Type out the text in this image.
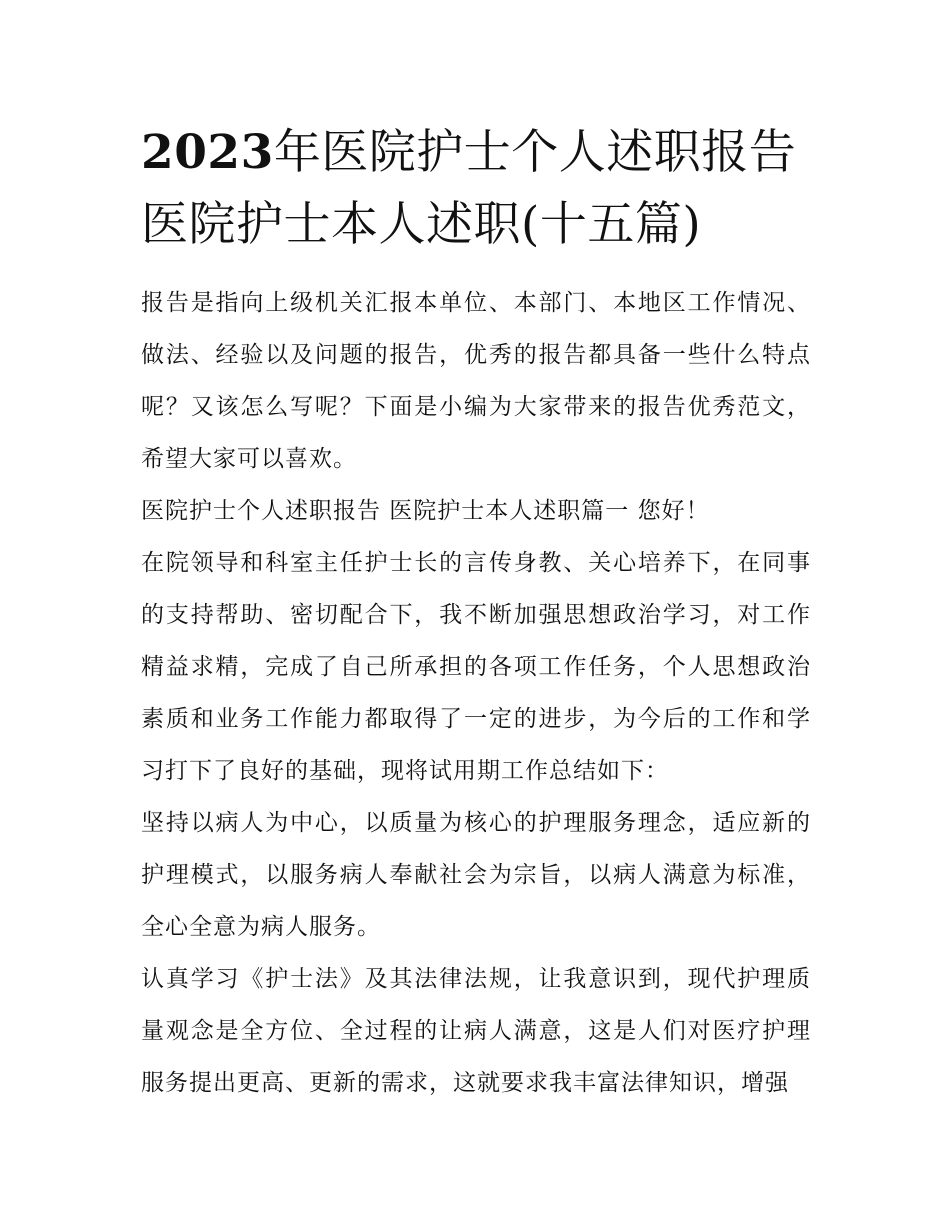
2023年医院护士个人述职报告医院护士本人述职(十五篇)

报告是指向上级机关汇报本单位、本部门、本地区工作情况、做法、经验以及问题的报告，优秀的报告都具备一些什么特点呢？又该怎么写呢？下面是小编为大家带来的报告优秀范文，希望大家可以喜欢。

医院护士个人述职报告 医院护士本人述职篇一 您好！

在院领导和科室主任护士长的言传身教、关心培养下，在同事的支持帮助、密切配合下，我不断加强思想政治学习，对工作精益求精，完成了自己所承担的各项工作任务，个人思想政治素质和业务工作能力都取得了一定的进步，为今后的工作和学习打下了良好的基础，现将试用期工作总结如下：

坚持以病人为中心，以质量为核心的护理服务理念，适应新的护理模式，以服务病人奉献社会为宗旨，以病人满意为标准，全心全意为病人服务。

认真学习《护士法》及其法律法规，让我意识到，现代护理质量观念是全方位、全过程的让病人满意，这是人们对医疗护理服务提出更高、更新的需求，这就要求我丰富法律知识，增强
